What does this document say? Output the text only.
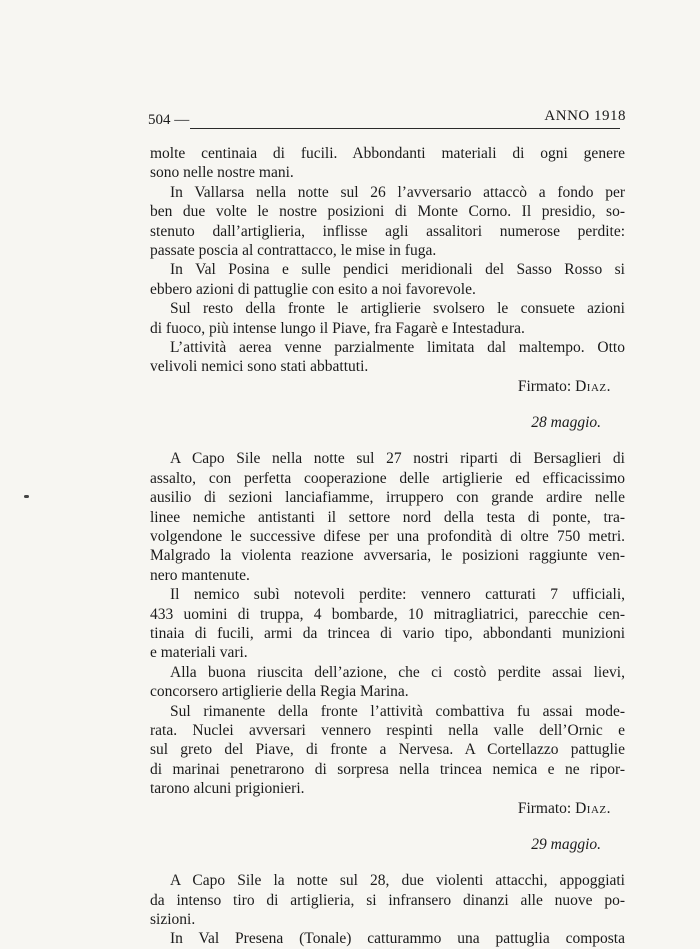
504 —	ANNO 1918
molte centinaia di fucili. Abbondanti materiali di ogni genere
sono nelle nostre mani.
In Vallarsa nella notte sul 26 l’avversario attaccò a fondo per
ben due volte le nostre posizioni di Monte Corno. Il presidio, so-
stenuto dall’artiglieria, inflisse agli assalitori numerose perdite:
passate poscia al contrattacco, le mise in fuga.
In Val Posina e sulle pendici meridionali del Sasso Rosso si
ebbero azioni di pattuglie con esito a noi favorevole.
Sul resto della fronte le artiglierie svolsero le consuete azioni
di fuoco, più intense lungo il Piave, fra Fagarè e Intestadura.
L’attività aerea venne parzialmente limitata dal maltempo. Otto
velivoli nemici sono stati abbattuti.
Firmato: Diaz.
28 maggio.
A Capo Sile nella notte sul 27 nostri riparti di Bersaglieri di
assalto, con perfetta cooperazione delle artiglierie ed efficacissimo
ausilio di sezioni lanciafiamme, irruppero con grande ardire nelle
linee nemiche antistanti il settore nord della testa di ponte, tra-
volgendone le successive difese per una profondità di oltre 750 metri.
Malgrado la violenta reazione avversaria, le posizioni raggiunte ven-
nero mantenute.
Il nemico subì notevoli perdite: vennero catturati 7 ufficiali,
433 uomini di truppa, 4 bombarde, 10 mitragliatrici, parecchie cen-
tinaia di fucili, armi da trincea di vario tipo, abbondanti munizioni
e materiali vari.
Alla buona riuscita dell’azione, che ci costò perdite assai lievi,
concorsero artiglierie della Regia Marina.
Sul rimanente della fronte l’attività combattiva fu assai mode-
rata. Nuclei avversari vennero respinti nella valle dell’Ornic e
sul greto del Piave, di fronte a Nervesa. A Cortellazzo pattuglie
di marinai penetrarono di sorpresa nella trincea nemica e ne ripor-
tarono alcuni prigionieri.
Firmato: Diaz.
29 maggio.
A Capo Sile la notte sul 28, due violenti attacchi, appoggiati
da intenso tiro di artiglieria, si infransero dinanzi alle nuove po-
sizioni.
In Val Presena (Tonale) catturammo una pattuglia composta
